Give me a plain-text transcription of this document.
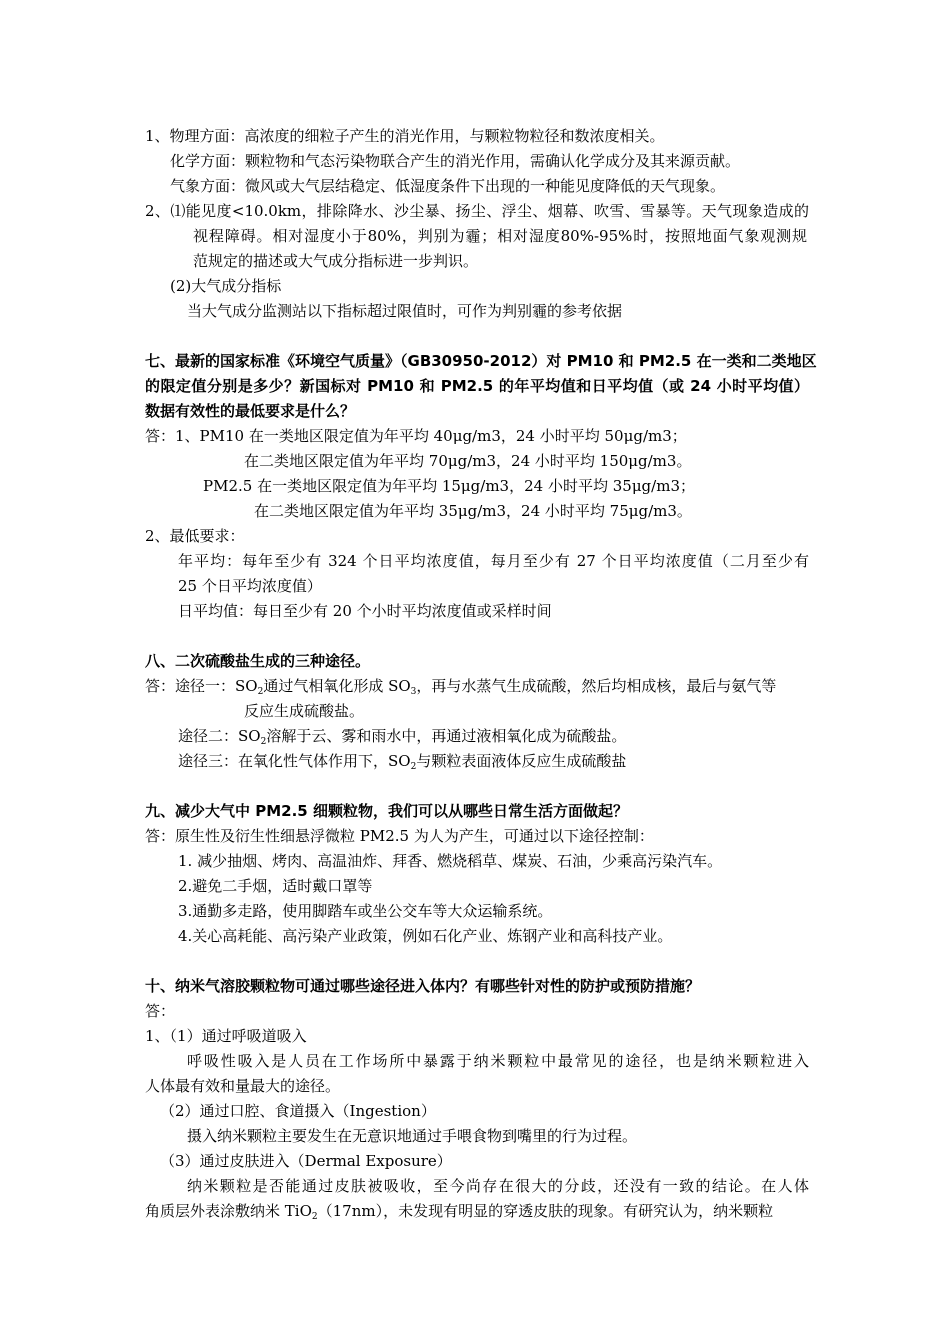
1、物理方面：高浓度的细粒子产生的消光作用，与颗粒物粒径和数浓度相关。
化学方面：颗粒物和气态污染物联合产生的消光作用，需确认化学成分及其来源贡献。
气象方面：微风或大气层结稳定、低湿度条件下出现的一种能见度降低的天气现象。
2、⑴能见度<10.0km，排除降水、沙尘暴、扬尘、浮尘、烟幕、吹雪、雪暴等。天气现象造成的
视程障碍。相对湿度小于80%，判别为霾；相对湿度80%-95%时，按照地面气象观测规
范规定的描述或大气成分指标进一步判识。
(2)大气成分指标
当大气成分监测站以下指标超过限值时，可作为判别霾的参考依据
七、最新的国家标准《环境空气质量》（GB30950-2012）对 PM10 和 PM2.5 在一类和二类地区
的限定值分别是多少？新国标对 PM10 和 PM2.5 的年平均值和日平均值（或 24 小时平均值）
数据有效性的最低要求是什么？
答：1、PM10 在一类地区限定值为年平均 40μg/m3，24 小时平均 50μg/m3；
在二类地区限定值为年平均 70μg/m3，24 小时平均 150μg/m3。
PM2.5 在一类地区限定值为年平均 15μg/m3，24 小时平均 35μg/m3；
在二类地区限定值为年平均 35μg/m3，24 小时平均 75μg/m3。
2、最低要求：
年平均：每年至少有 324 个日平均浓度值，每月至少有 27 个日平均浓度值（二月至少有
25 个日平均浓度值）
日平均值：每日至少有 20 个小时平均浓度值或采样时间
八、二次硫酸盐生成的三种途径。
答：途径一：$SO_2$通过气相氧化形成 $SO_3$，再与水蒸气生成硫酸，然后均相成核，最后与氨气等
反应生成硫酸盐。
途径二：$SO_2$溶解于云、雾和雨水中，再通过液相氧化成为硫酸盐。
途径三：在氧化性气体作用下，$SO_2$与颗粒表面液体反应生成硫酸盐
九、减少大气中 PM2.5 细颗粒物，我们可以从哪些日常生活方面做起？
答：原生性及衍生性细悬浮微粒 PM2.5 为人为产生，可通过以下途径控制：
1. 减少抽烟、烤肉、高温油炸、拜香、燃烧稻草、煤炭、石油，少乘高污染汽车。
2.避免二手烟，适时戴口罩等
3.通勤多走路，使用脚踏车或坐公交车等大众运输系统。
4.关心高耗能、高污染产业政策，例如石化产业、炼钢产业和高科技产业。
十、纳米气溶胶颗粒物可通过哪些途径进入体内？有哪些针对性的防护或预防措施？
答：
1、（1）通过呼吸道吸入
呼吸性吸入是人员在工作场所中暴露于纳米颗粒中最常见的途径，也是纳米颗粒进入
人体最有效和量最大的途径。
（2）通过口腔、食道摄入（Ingestion）
摄入纳米颗粒主要发生在无意识地通过手喂食物到嘴里的行为过程。
（3）通过皮肤进入（Dermal Exposure）
纳米颗粒是否能通过皮肤被吸收，至今尚存在很大的分歧，还没有一致的结论。在人体
角质层外表涂敷纳米 TiO$_2$（17nm），未发现有明显的穿透皮肤的现象。有研究认为，纳米颗粒
